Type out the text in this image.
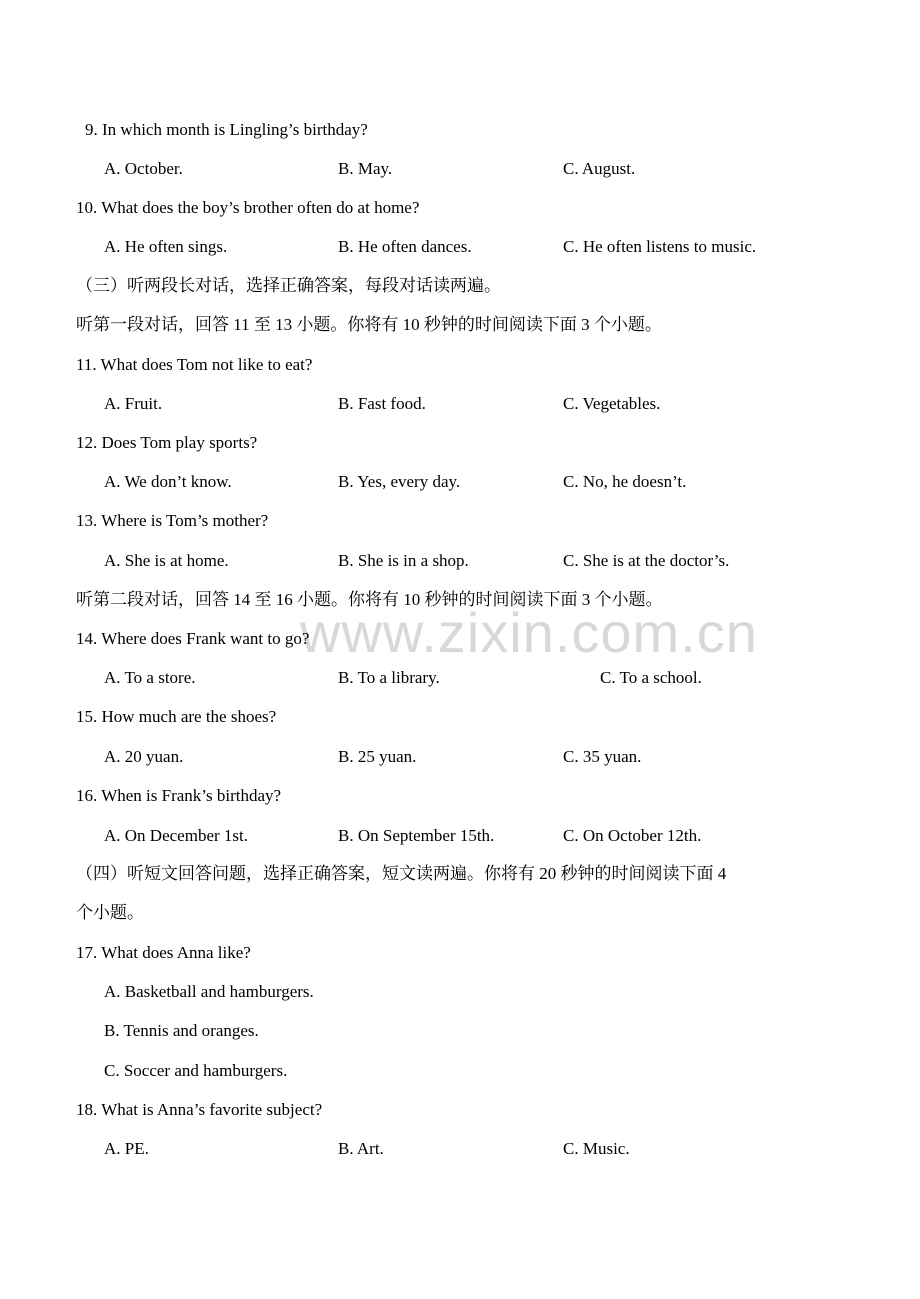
www.zixin.com.cn
9. In which month is Lingling’s birthday?
A. October.	B. May.	C. August.
10. What does the boy’s brother often do at home?
A. He often sings.	B. He often dances.	C. He often listens to music.
（三）听两段长对话，选择正确答案，每段对话读两遍。
听第一段对话，回答 11 至 13 小题。你将有 10 秒钟的时间阅读下面 3 个小题。
11. What does Tom not like to eat?
A. Fruit.	B. Fast food.	C. Vegetables.
12. Does Tom play sports?
A. We don’t know.	B. Yes, every day.	C. No, he doesn’t.
13. Where is Tom’s mother?
A. She is at home.	B. She is in a shop.	C. She is at the doctor’s.
听第二段对话，回答 14 至 16 小题。你将有 10 秒钟的时间阅读下面 3 个小题。
14. Where does Frank want to go?
A. To a store.	B. To a library.	C. To a school.
15. How much are the shoes?
A. 20 yuan.	B. 25 yuan.	C. 35 yuan.
16. When is Frank’s birthday?
A. On December 1st.	B. On September 15th.	C. On October 12th.
（四）听短文回答问题，选择正确答案，短文读两遍。你将有 20 秒钟的时间阅读下面 4
个小题。
17. What does Anna like?
A. Basketball and hamburgers.
B. Tennis and oranges.
C. Soccer and hamburgers.
18. What is Anna’s favorite subject?
A. PE.	B. Art.	C. Music.
